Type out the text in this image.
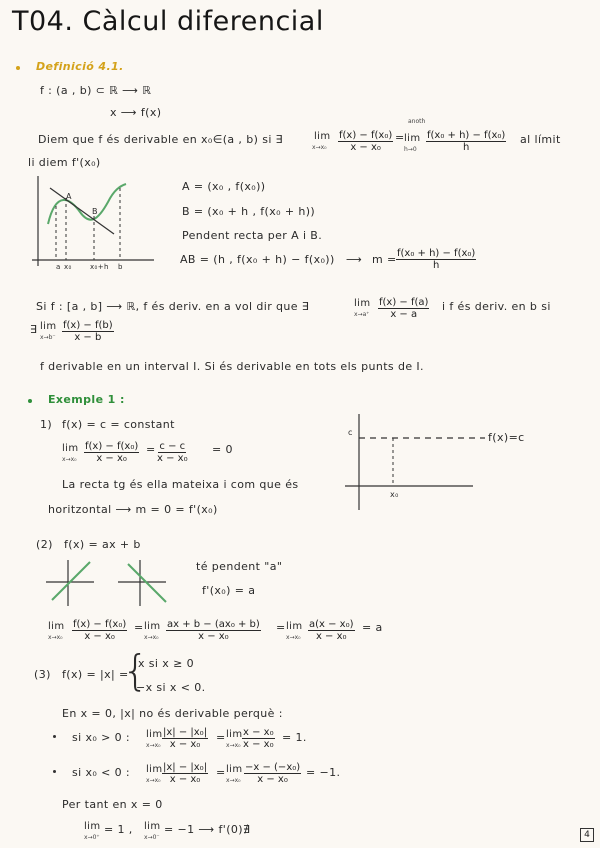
T04. Càlcul diferencial
Definició 4.1.
f : (a , b) ⊂ ℝ ⟶ ℝ
x ⟶ f(x)
Diem que f és derivable en x₀∈(a , b) si ∃	lim
$x\to x_0 \frac{\text{f(x) − f(x₀)}}{\text{x − x₀}}$ =
anoth
lim
$h\to 0 \frac{\text{f(x₀ + h) − f(x₀)}}{h}$ al límit
li diem f'(x₀)
A
B
a x₀	x₀+h b
A = (x₀ , f(x₀))
B = (x₀ + h , f(x₀ + h))
Pendent recta per A i B.
AB = (h , f(x₀ + h) − f(x₀)) ⟶ $m = \frac{\text{f(x₀ + h) − f(x₀)}}{h}$
Si f : [a , b] ⟶ ℝ, f és deriv. en a vol dir que ∃	lim
$x\to a^+ \frac{f(x) - f(a)}{x - a}$ i f és deriv. en b si
∃ lim
$x\to b^- \frac{f(x) - f(b)}{x - b}$
f derivable en un interval I. Si és derivable en tots els punts de I.
Exemple 1 :
1) f(x) = c = constant
lim
$x\to x_0 \frac{\text{f(x) − f(x₀)}}{\text{x − x₀}} = \frac{c - c}{\text{x − x₀}} = 0$
La recta tg és ella mateixa i com que és
horitzontal ⟶ m = 0 = f'(x₀)
c	f(x)=c
x₀
(2) f(x) = ax + b
té pendent "a"
f'(x₀) = a
lim
$x\to x_0 \frac{\text{f(x) − f(x₀)}}{\text{x − x₀}} = \lim$
$x\to x_0 \frac{\text{ax + b − (ax₀ + b)}}{\text{x − x₀}} = \lim$
$x\to x_0 \frac{\text{a(x − x₀)}}{\text{x − x₀}} = a$
(3) f(x) = |x| =
{
x si x ≥ 0
−x si x < 0.
En x = 0, |x| no és derivable perquè :
si x₀ > 0 : lim
$x\to x_0 \frac{\text{|x| − |x₀|}}{\text{x − x₀}} = \lim$
$x\to x_0 \frac{\text{x − x₀}}{\text{x − x₀}} = 1$.
si x₀ < 0 : lim
$x\to x_0 \frac{\text{|x| − |x₀|}}{\text{x − x₀}} = \lim$
$x\to x_0 \frac{\text{−x − (−x₀)}}{\text{x − x₀}} = -1$.
Per tant en x = 0
lim
x→0⁺
= 1 , lim
x→0⁻
= −1 ⟶ f'(0)∄	4
